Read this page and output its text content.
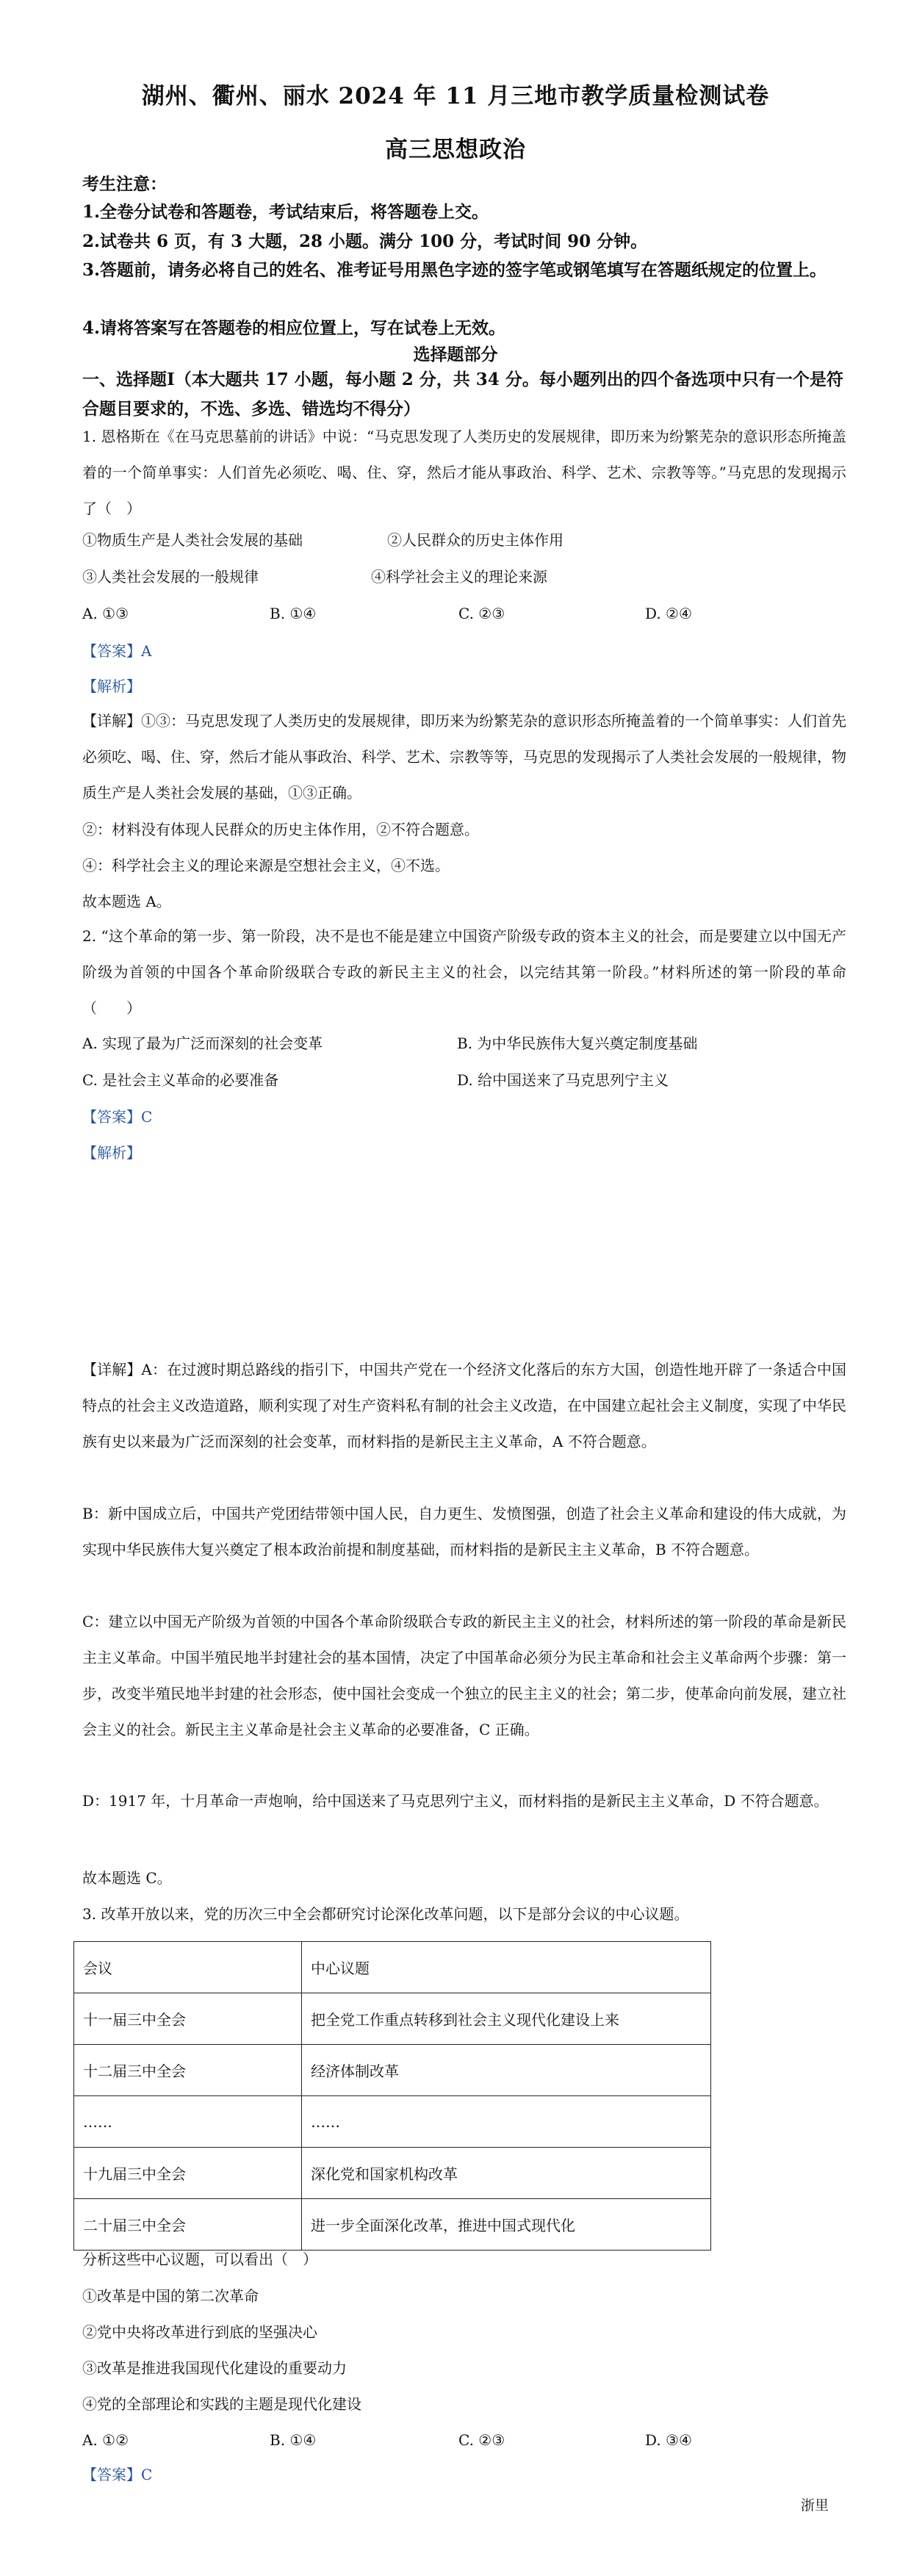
湖州、衢州、丽水 2024 年 11 月三地市教学质量检测试卷
高三思想政治
考生注意：
1.全卷分试卷和答题卷，考试结束后，将答题卷上交。
2.试卷共 6 页，有 3 大题，28 小题。满分 100 分，考试时间 90 分钟。
3.答题前，请务必将自己的姓名、准考证号用黑色字迹的签字笔或钢笔填写在答题纸规定的位置上。
4.请将答案写在答题卷的相应位置上，写在试卷上无效。
选择题部分
一、选择题Ⅰ（本大题共 17 小题，每小题 2 分，共 34 分。每小题列出的四个备选项中只有一个是符合题目要求的，不选、多选、错选均不得分）
1. 恩格斯在《在马克思墓前的讲话》中说：“马克思发现了人类历史的发展规律，即历来为纷繁芜杂的意识形态所掩盖着的一个简单事实：人们首先必须吃、喝、住、穿，然后才能从事政治、科学、艺术、宗教等等。”马克思的发现揭示了（　）
①物质生产是人类社会发展的基础	②人民群众的历史主体作用
③人类社会发展的一般规律	④科学社会主义的理论来源
A. ①③	B. ①④	C. ②③	D. ②④
【答案】A
【解析】
【详解】①③：马克思发现了人类历史的发展规律，即历来为纷繁芜杂的意识形态所掩盖着的一个简单事实：人们首先必须吃、喝、住、穿，然后才能从事政治、科学、艺术、宗教等等，马克思的发现揭示了人类社会发展的一般规律，物质生产是人类社会发展的基础，①③正确。
②：材料没有体现人民群众的历史主体作用，②不符合题意。
④：科学社会主义的理论来源是空想社会主义，④不选。
故本题选 A。
2. “这个革命的第一步、第一阶段，决不是也不能是建立中国资产阶级专政的资本主义的社会，而是要建立以中国无产阶级为首领的中国各个革命阶级联合专政的新民主主义的社会，以完结其第一阶段。”材料所述的第一阶段的革命（　　）
A. 实现了最为广泛而深刻的社会变革	B. 为中华民族伟大复兴奠定制度基础
C. 是社会主义革命的必要准备	D. 给中国送来了马克思列宁主义
【答案】C
【解析】
【详解】A：在过渡时期总路线的指引下，中国共产党在一个经济文化落后的东方大国，创造性地开辟了一条适合中国特点的社会主义改造道路，顺利实现了对生产资料私有制的社会主义改造，在中国建立起社会主义制度，实现了中华民族有史以来最为广泛而深刻的社会变革，而材料指的是新民主主义革命，A 不符合题意。
B：新中国成立后，中国共产党团结带领中国人民，自力更生、发愤图强，创造了社会主义革命和建设的伟大成就，为实现中华民族伟大复兴奠定了根本政治前提和制度基础，而材料指的是新民主主义革命，B 不符合题意。
C：建立以中国无产阶级为首领的中国各个革命阶级联合专政的新民主主义的社会，材料所述的第一阶段的革命是新民主主义革命。中国半殖民地半封建社会的基本国情，决定了中国革命必须分为民主革命和社会主义革命两个步骤：第一步，改变半殖民地半封建的社会形态，使中国社会变成一个独立的民主主义的社会；第二步，使革命向前发展，建立社会主义的社会。新民主主义革命是社会主义革命的必要准备，C 正确。
D：1917 年，十月革命一声炮响，给中国送来了马克思列宁主义，而材料指的是新民主主义革命，D 不符合题意。
故本题选 C。
3. 改革开放以来，党的历次三中全会都研究讨论深化改革问题，以下是部分会议的中心议题。
会议	中心议题
十一届三中全会	把全党工作重点转移到社会主义现代化建设上来
十二届三中全会	经济体制改革
……	……
十九届三中全会	深化党和国家机构改革
二十届三中全会	进一步全面深化改革，推进中国式现代化
分析这些中心议题，可以看出（　）
①改革是中国的第二次革命
②党中央将改革进行到底的坚强决心
③改革是推进我国现代化建设的重要动力
④党的全部理论和实践的主题是现代化建设
A. ①②	B. ①④	C. ②③	D. ③④
【答案】C
浙里
